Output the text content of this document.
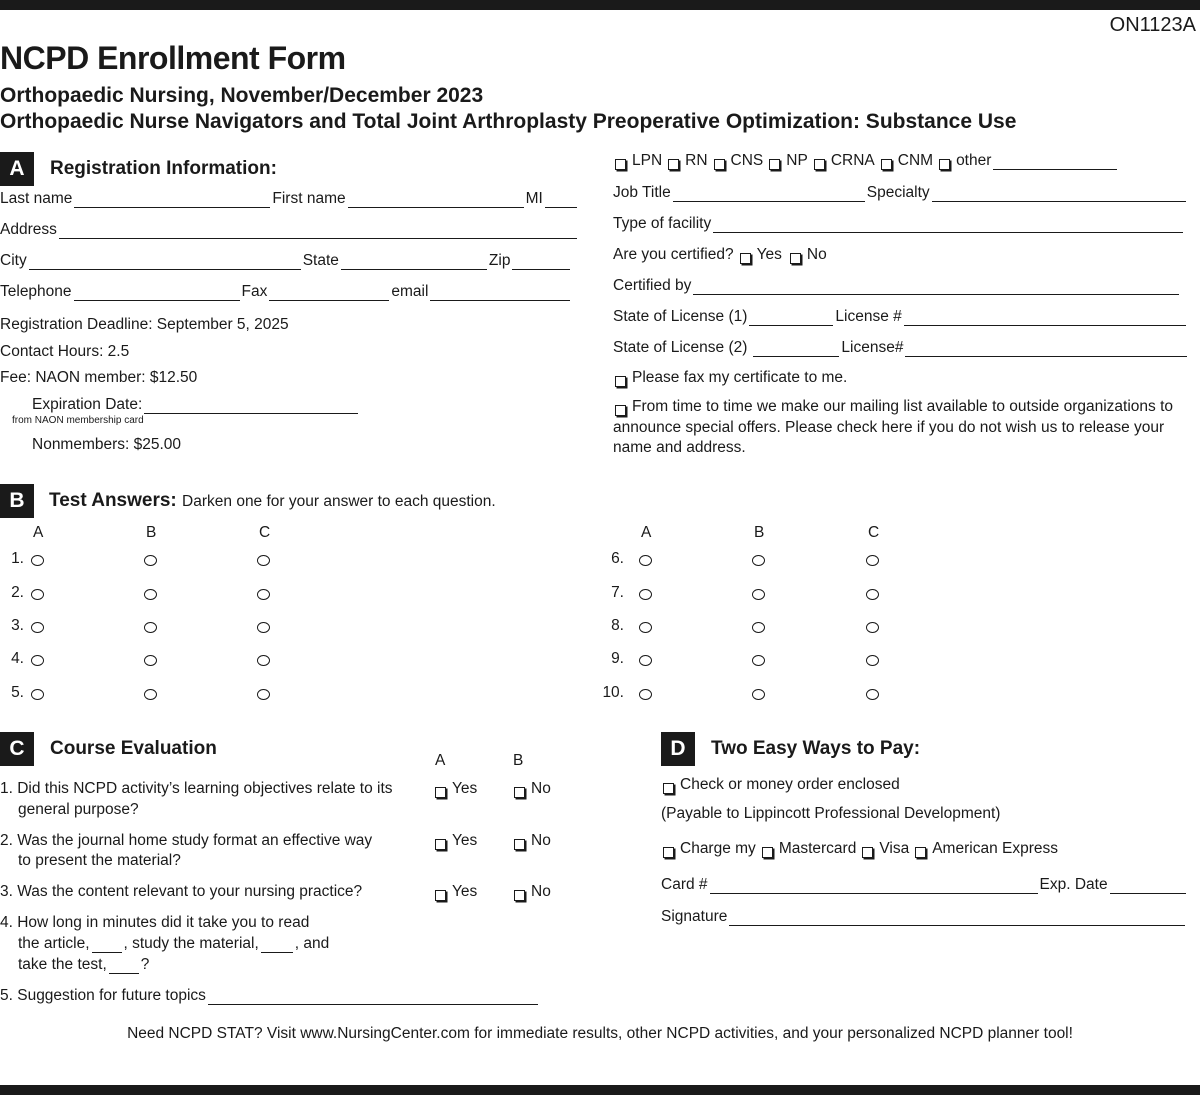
ON1123A
NCPD Enrollment Form
Orthopaedic Nursing, November/December 2023
Orthopaedic Nurse Navigators and Total Joint Arthroplasty Preoperative Optimization: Substance Use
A	Registration Information:
Last name	First name	MI
Address
City	State	Zip
Telephone	Fax	email
Registration Deadline: September 5, 2025
Contact Hours: 2.5
Fee: NAON member: $12.50
Expiration Date:
from NAON membership card
Nonmembers: $25.00
LPN RN CNS NP CRNA CNM other
Job Title	Specialty
Type of facility
Are you certified? Yes No
Certified by
State of License (1)	License #
State of License (2)	License#
Please fax my certificate to me.
From time to time we make our mailing list available to outside organizations to
announce special offers. Please check here if you do not wish us to release your
name and address.
B	Test Answers: Darken one for your answer to each question.
A	B	C
1.
2.
3.
4.
5.
A	B	C
6.
7.
8.
9.
10.
C	Course Evaluation
A	B
1. Did this NCPD activity’s learning objectives relate to its
general purpose?
Yes	No
2. Was the journal home study format an effective way
to present the material?
Yes	No
3. Was the content relevant to your nursing practice?	Yes	No
4. How long in minutes did it take you to read
the article, , study the material, , and
take the test, ?
5. Suggestion for future topics
D	Two Easy Ways to Pay:
Check or money order enclosed
(Payable to Lippincott Professional Development)
Charge my Mastercard Visa American Express
Card #	Exp. Date
Signature
Need NCPD STAT? Visit www.NursingCenter.com for immediate results, other NCPD activities, and your personalized NCPD planner tool!
